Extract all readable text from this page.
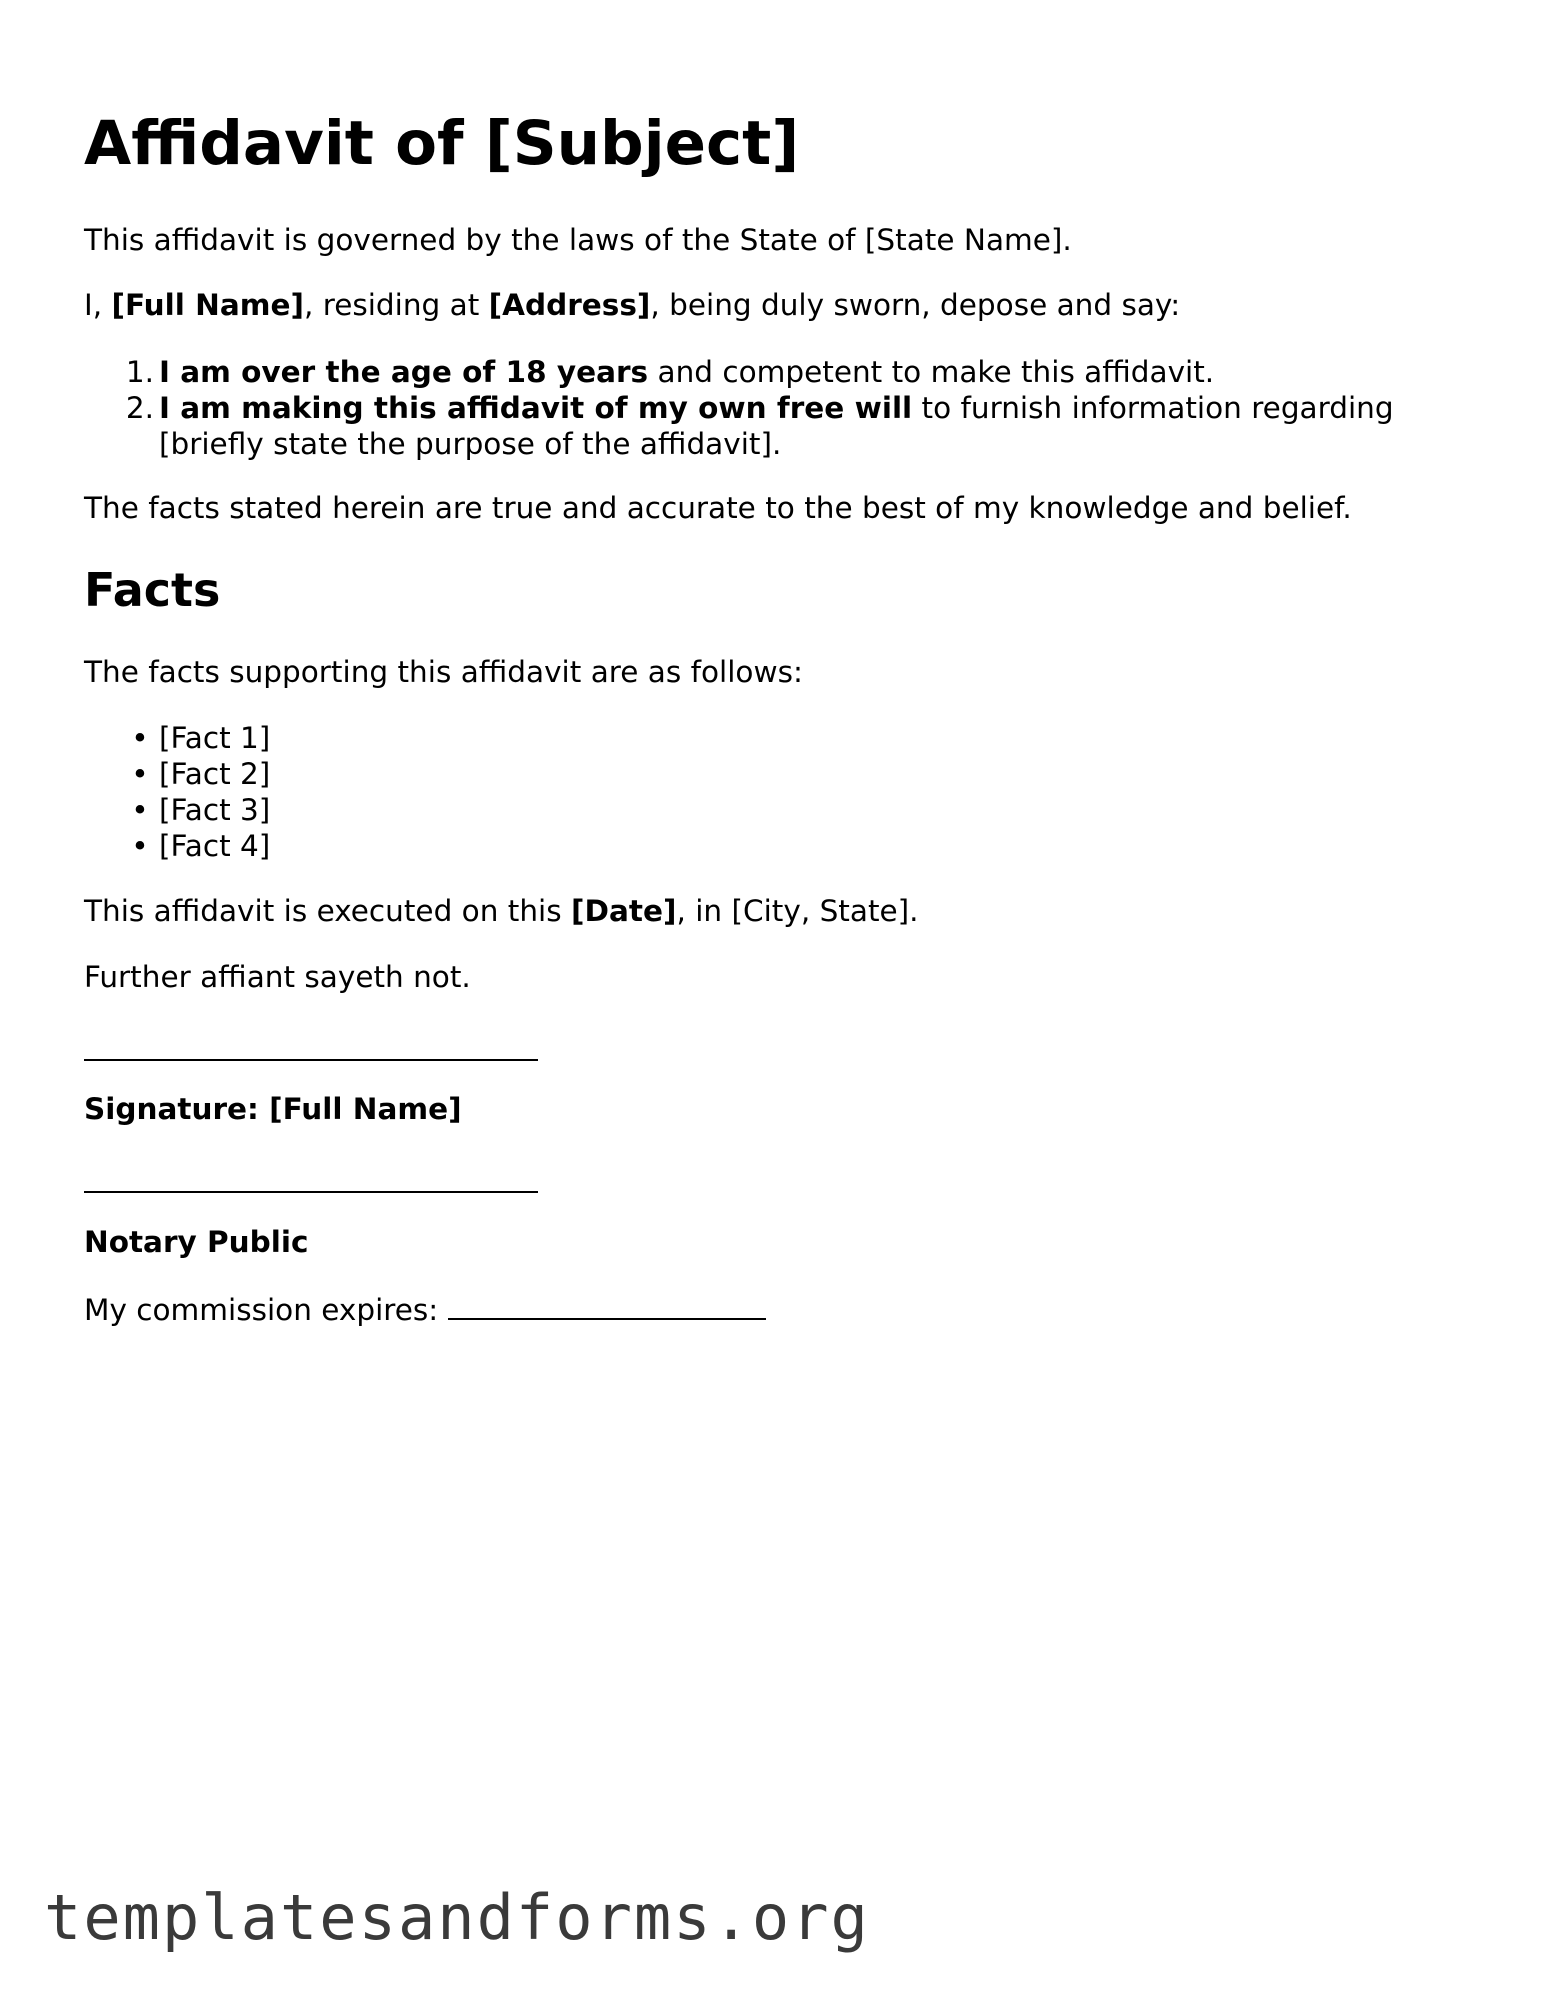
Affidavit of [Subject]

This affidavit is governed by the laws of the State of [State Name].

I, [Full Name], residing at [Address], being duly sworn, depose and say:

1. I am over the age of 18 years and competent to make this affidavit.
2. I am making this affidavit of my own free will to furnish information regarding
[briefly state the purpose of the affidavit].

The facts stated herein are true and accurate to the best of my knowledge and belief.

Facts

The facts supporting this affidavit are as follows:

• [Fact 1]
• [Fact 2]
• [Fact 3]
• [Fact 4]

This affidavit is executed on this [Date], in [City, State].

Further affiant sayeth not.

Signature: [Full Name]

Notary Public

My commission expires:

templatesandforms.org
